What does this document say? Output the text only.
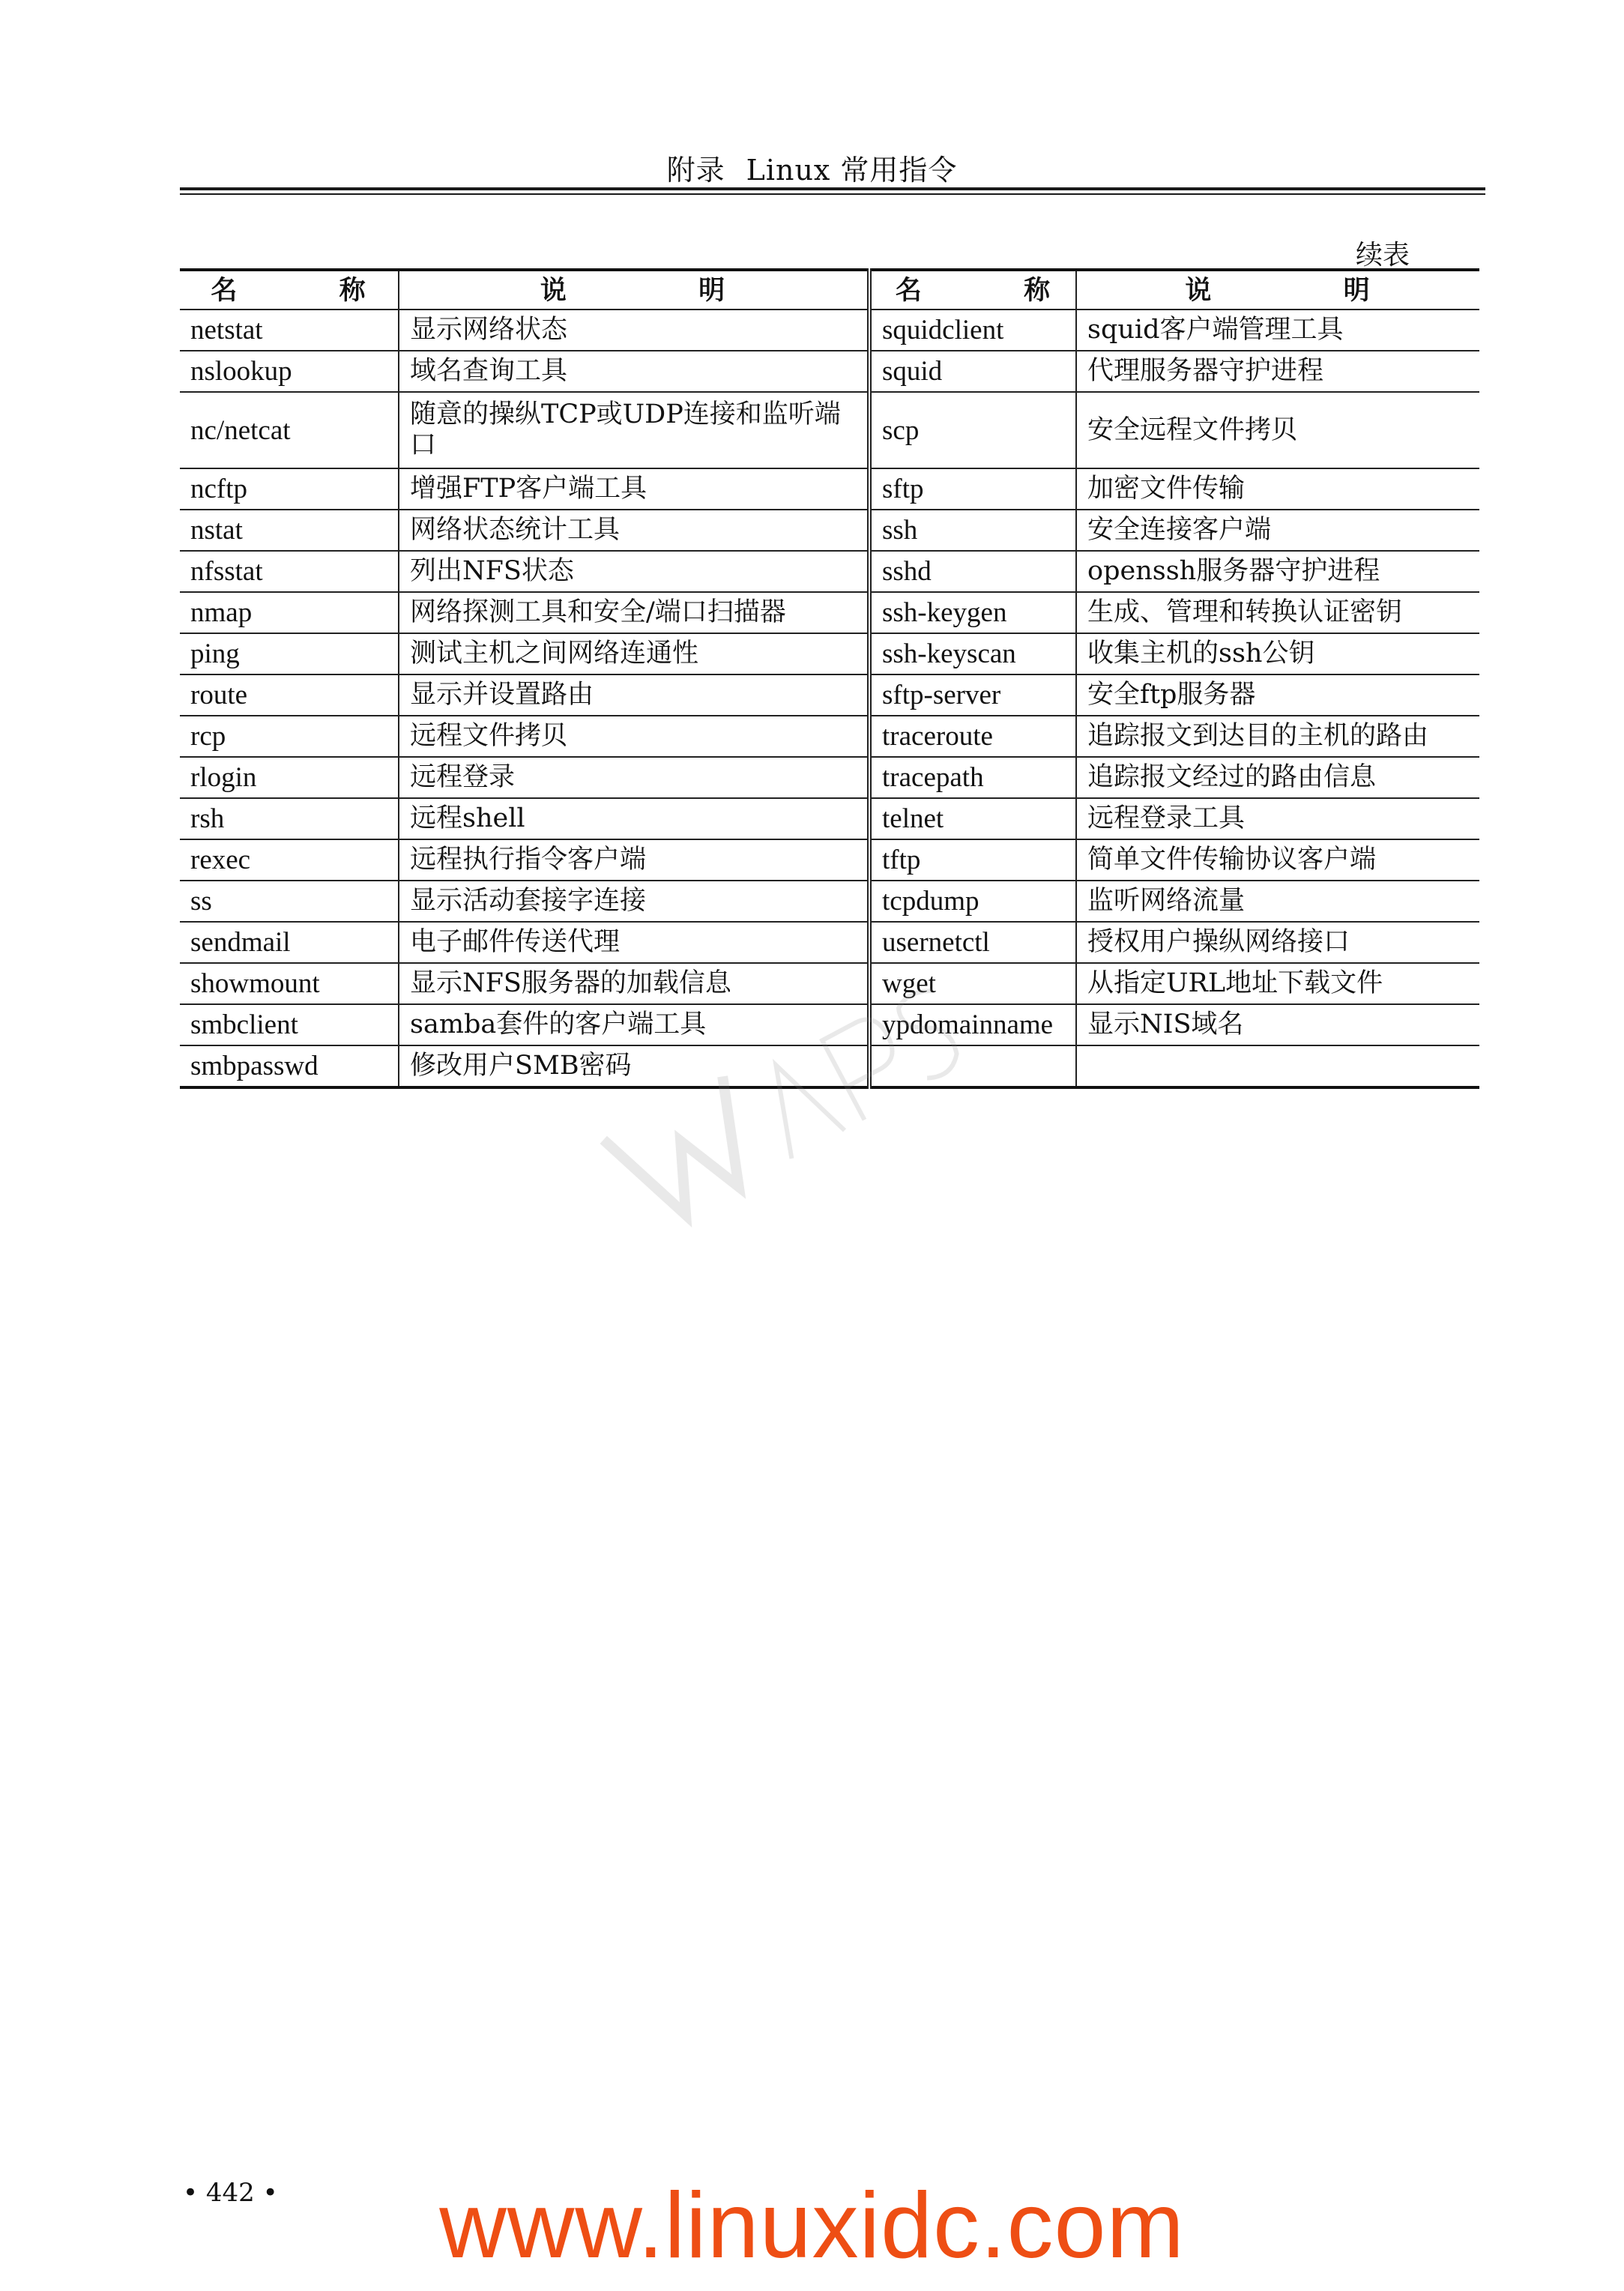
附录 Linux 常用指令
续表
名 称	说 明	名 称	说 明
netstat	显示网络状态	squidclient	squid客户端管理工具
nslookup	域名查询工具	squid	代理服务器守护进程
nc/netcat	随意的操纵TCP或UDP连接和监听端口	scp	安全远程文件拷贝
ncftp	增强FTP客户端工具	sftp	加密文件传输
nstat	网络状态统计工具	ssh	安全连接客户端
nfsstat	列出NFS状态	sshd	openssh服务器守护进程
nmap	网络探测工具和安全/端口扫描器	ssh-keygen	生成、管理和转换认证密钥
ping	测试主机之间网络连通性	ssh-keyscan	收集主机的ssh公钥
route	显示并设置路由	sftp-server	安全ftp服务器
rcp	远程文件拷贝	traceroute	追踪报文到达目的主机的路由
rlogin	远程登录	tracepath	追踪报文经过的路由信息
rsh	远程shell	telnet	远程登录工具
rexec	远程执行指令客户端	tftp	简单文件传输协议客户端
ss	显示活动套接字连接	tcpdump	监听网络流量
sendmail	电子邮件传送代理	usernetctl	授权用户操纵网络接口
showmount	显示NFS服务器的加载信息	wget	从指定URL地址下载文件
smbclient	samba套件的客户端工具	ypdomainname	显示NIS域名
smbpasswd	修改用户SMB密码		
• 442 •	www.linuxidc.com
